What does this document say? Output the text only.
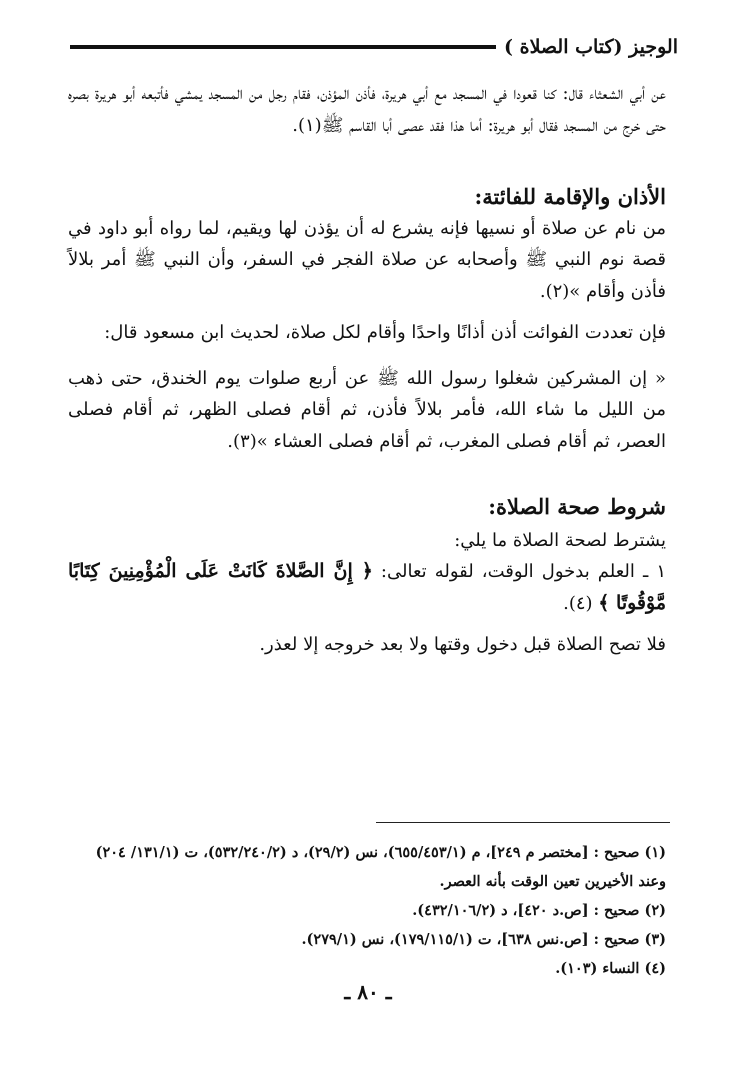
الوجيز (كتاب الصلاة )

عن أبي الشعثاء قال: كنا قعودا في المسجد مع أبي هريرة، فأذن المؤذن، فقام رجل من المسجد يمشي فأتبعه أبو هريرة بصره حتى خرج من المسجد فقال أبو هريرة: أما هذا فقد عصى أبا القاسم ﷺ(١).

الأذان والإقامة للفائتة:

من نام عن صلاة أو نسيها فإنه يشرع له أن يؤذن لها ويقيم، لما رواه أبو داود في قصة نوم النبي ﷺ وأصحابه عن صلاة الفجر في السفر، وأن النبي ﷺ أمر بلالاً فأذن وأقام »(٢).

فإن تعددت الفوائت أذن أذانًا واحدًا وأقام لكل صلاة، لحديث ابن مسعود قال:

« إن المشركين شغلوا رسول الله ﷺ عن أربع صلوات يوم الخندق، حتى ذهب من الليل ما شاء الله، فأمر بلالاً فأذن، ثم أقام فصلى الظهر، ثم أقام فصلى العصر، ثم أقام فصلى المغرب، ثم أقام فصلى العشاء »(٣).

شروط صحة الصلاة:

يشترط لصحة الصلاة ما يلي:

١ ـ العلم بدخول الوقت، لقوله تعالى: ﴿ إِنَّ الصَّلاةَ كَانَتْ عَلَى الْمُؤْمِنِينَ كِتَابًا مَّوْقُوتًا ﴾ (٤).

فلا تصح الصلاة قبل دخول وقتها ولا بعد خروجه إلا لعذر.

(١) صحيح : [مختصر م ٢٤٩]، م (٦٥٥/٤٥٣/١)، نس (٢٩/٢)، د (٥٣٢/٢٤٠/٢)، ت (١٣١/١/ ٢٠٤) وعند الأخيرين تعين الوقت بأنه العصر.

(٢) صحيح : [ص.د ٤٢٠]، د (٤٣٢/١٠٦/٢).

(٣) صحيح : [ص.نس ٦٣٨]، ت (١٧٩/١١٥/١)، نس (٢٧٩/١).

(٤) النساء (١٠٣).

ـ ٨٠ ـ
